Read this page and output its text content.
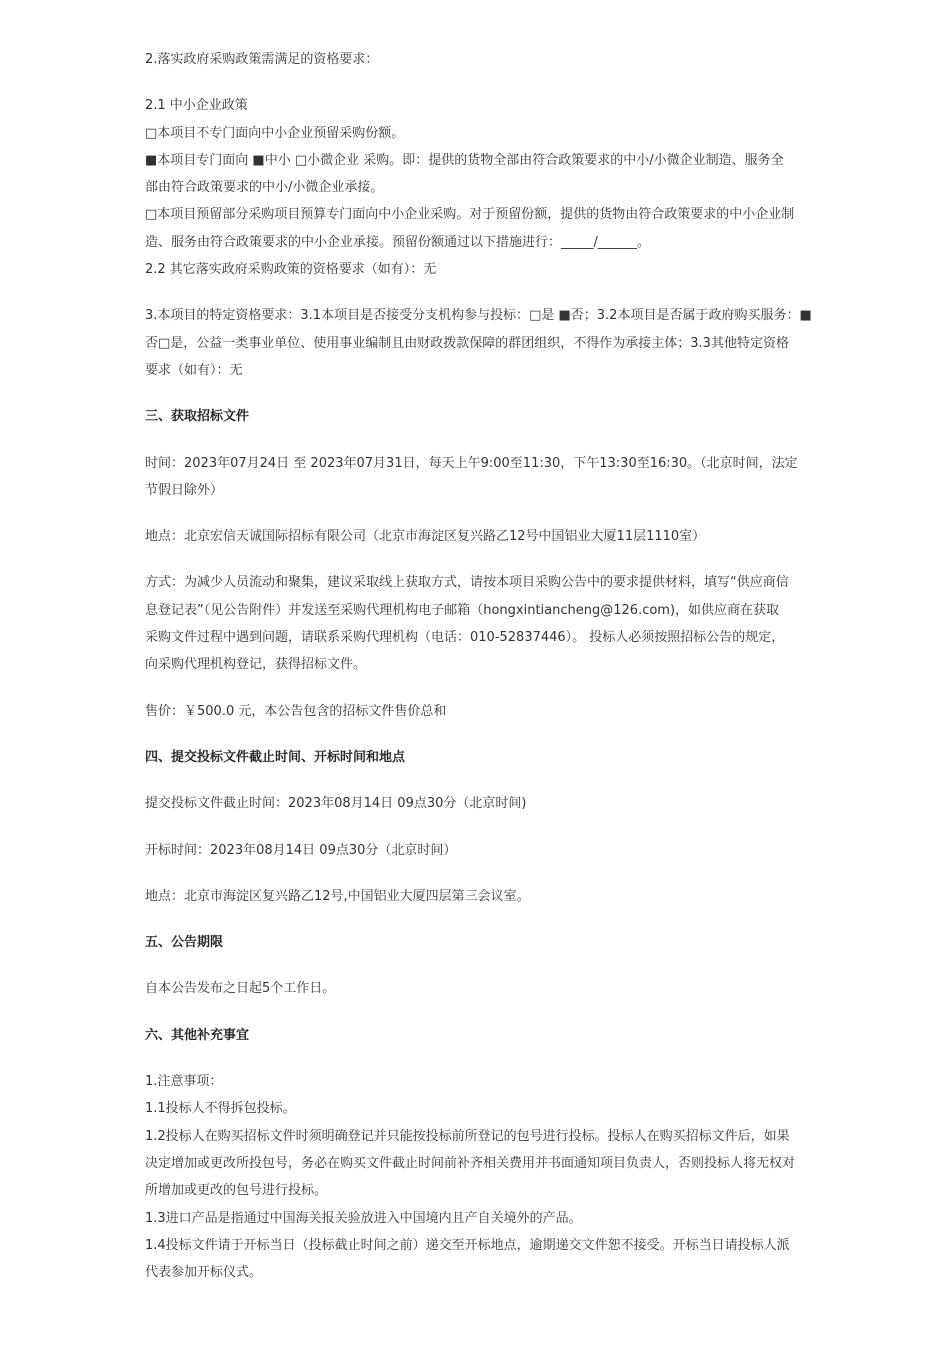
2.落实政府采购政策需满足的资格要求：
2.1 中小企业政策
□本项目不专门面向中小企业预留采购份额。
■本项目专门面向 ■中小 □小微企业 采购。即：提供的货物全部由符合政策要求的中小/小微企业制造、服务全
部由符合政策要求的中小/小微企业承接。
□本项目预留部分采购项目预算专门面向中小企业采购。对于预留份额，提供的货物由符合政策要求的中小企业制
造、服务由符合政策要求的中小企业承接。预留份额通过以下措施进行：_____/______。
2.2 其它落实政府采购政策的资格要求（如有）：无
3.本项目的特定资格要求：3.1本项目是否接受分支机构参与投标：□是 ■否；3.2本项目是否属于政府购买服务：■
否□是，公益一类事业单位、使用事业编制且由财政拨款保障的群团组织，不得作为承接主体；3.3其他特定资格
要求（如有）：无
三、获取招标文件
时间：2023年07月24日 至 2023年07月31日，每天上午9:00至11:30，下午13:30至16:30。（北京时间，法定
节假日除外）
地点：北京宏信天诚国际招标有限公司（北京市海淀区复兴路乙12号中国铝业大厦11层1110室）
方式：为减少人员流动和聚集，建议采取线上获取方式，请按本项目采购公告中的要求提供材料，填写“供应商信
息登记表”（见公告附件）并发送至采购代理机构电子邮箱（hongxintiancheng@126.com)，如供应商在获取
采购文件过程中遇到问题，请联系采购代理机构（电话：010-52837446）。 投标人必须按照招标公告的规定，
向采购代理机构登记，获得招标文件。
售价：￥500.0 元，本公告包含的招标文件售价总和
四、提交投标文件截止时间、开标时间和地点
提交投标文件截止时间：2023年08月14日 09点30分（北京时间)
开标时间：2023年08月14日 09点30分（北京时间）
地点：北京市海淀区复兴路乙12号,中国铝业大厦四层第三会议室。
五、公告期限
自本公告发布之日起5个工作日。
六、其他补充事宜
1.注意事项：
1.1投标人不得拆包投标。
1.2投标人在购买招标文件时须明确登记并只能按投标前所登记的包号进行投标。投标人在购买招标文件后，如果
决定增加或更改所投包号，务必在购买文件截止时间前补齐相关费用并书面通知项目负责人，否则投标人将无权对
所增加或更改的包号进行投标。
1.3进口产品是指通过中国海关报关验放进入中国境内且产自关境外的产品。
1.4投标文件请于开标当日（投标截止时间之前）递交至开标地点，逾期递交文件恕不接受。开标当日请投标人派
代表参加开标仪式。
